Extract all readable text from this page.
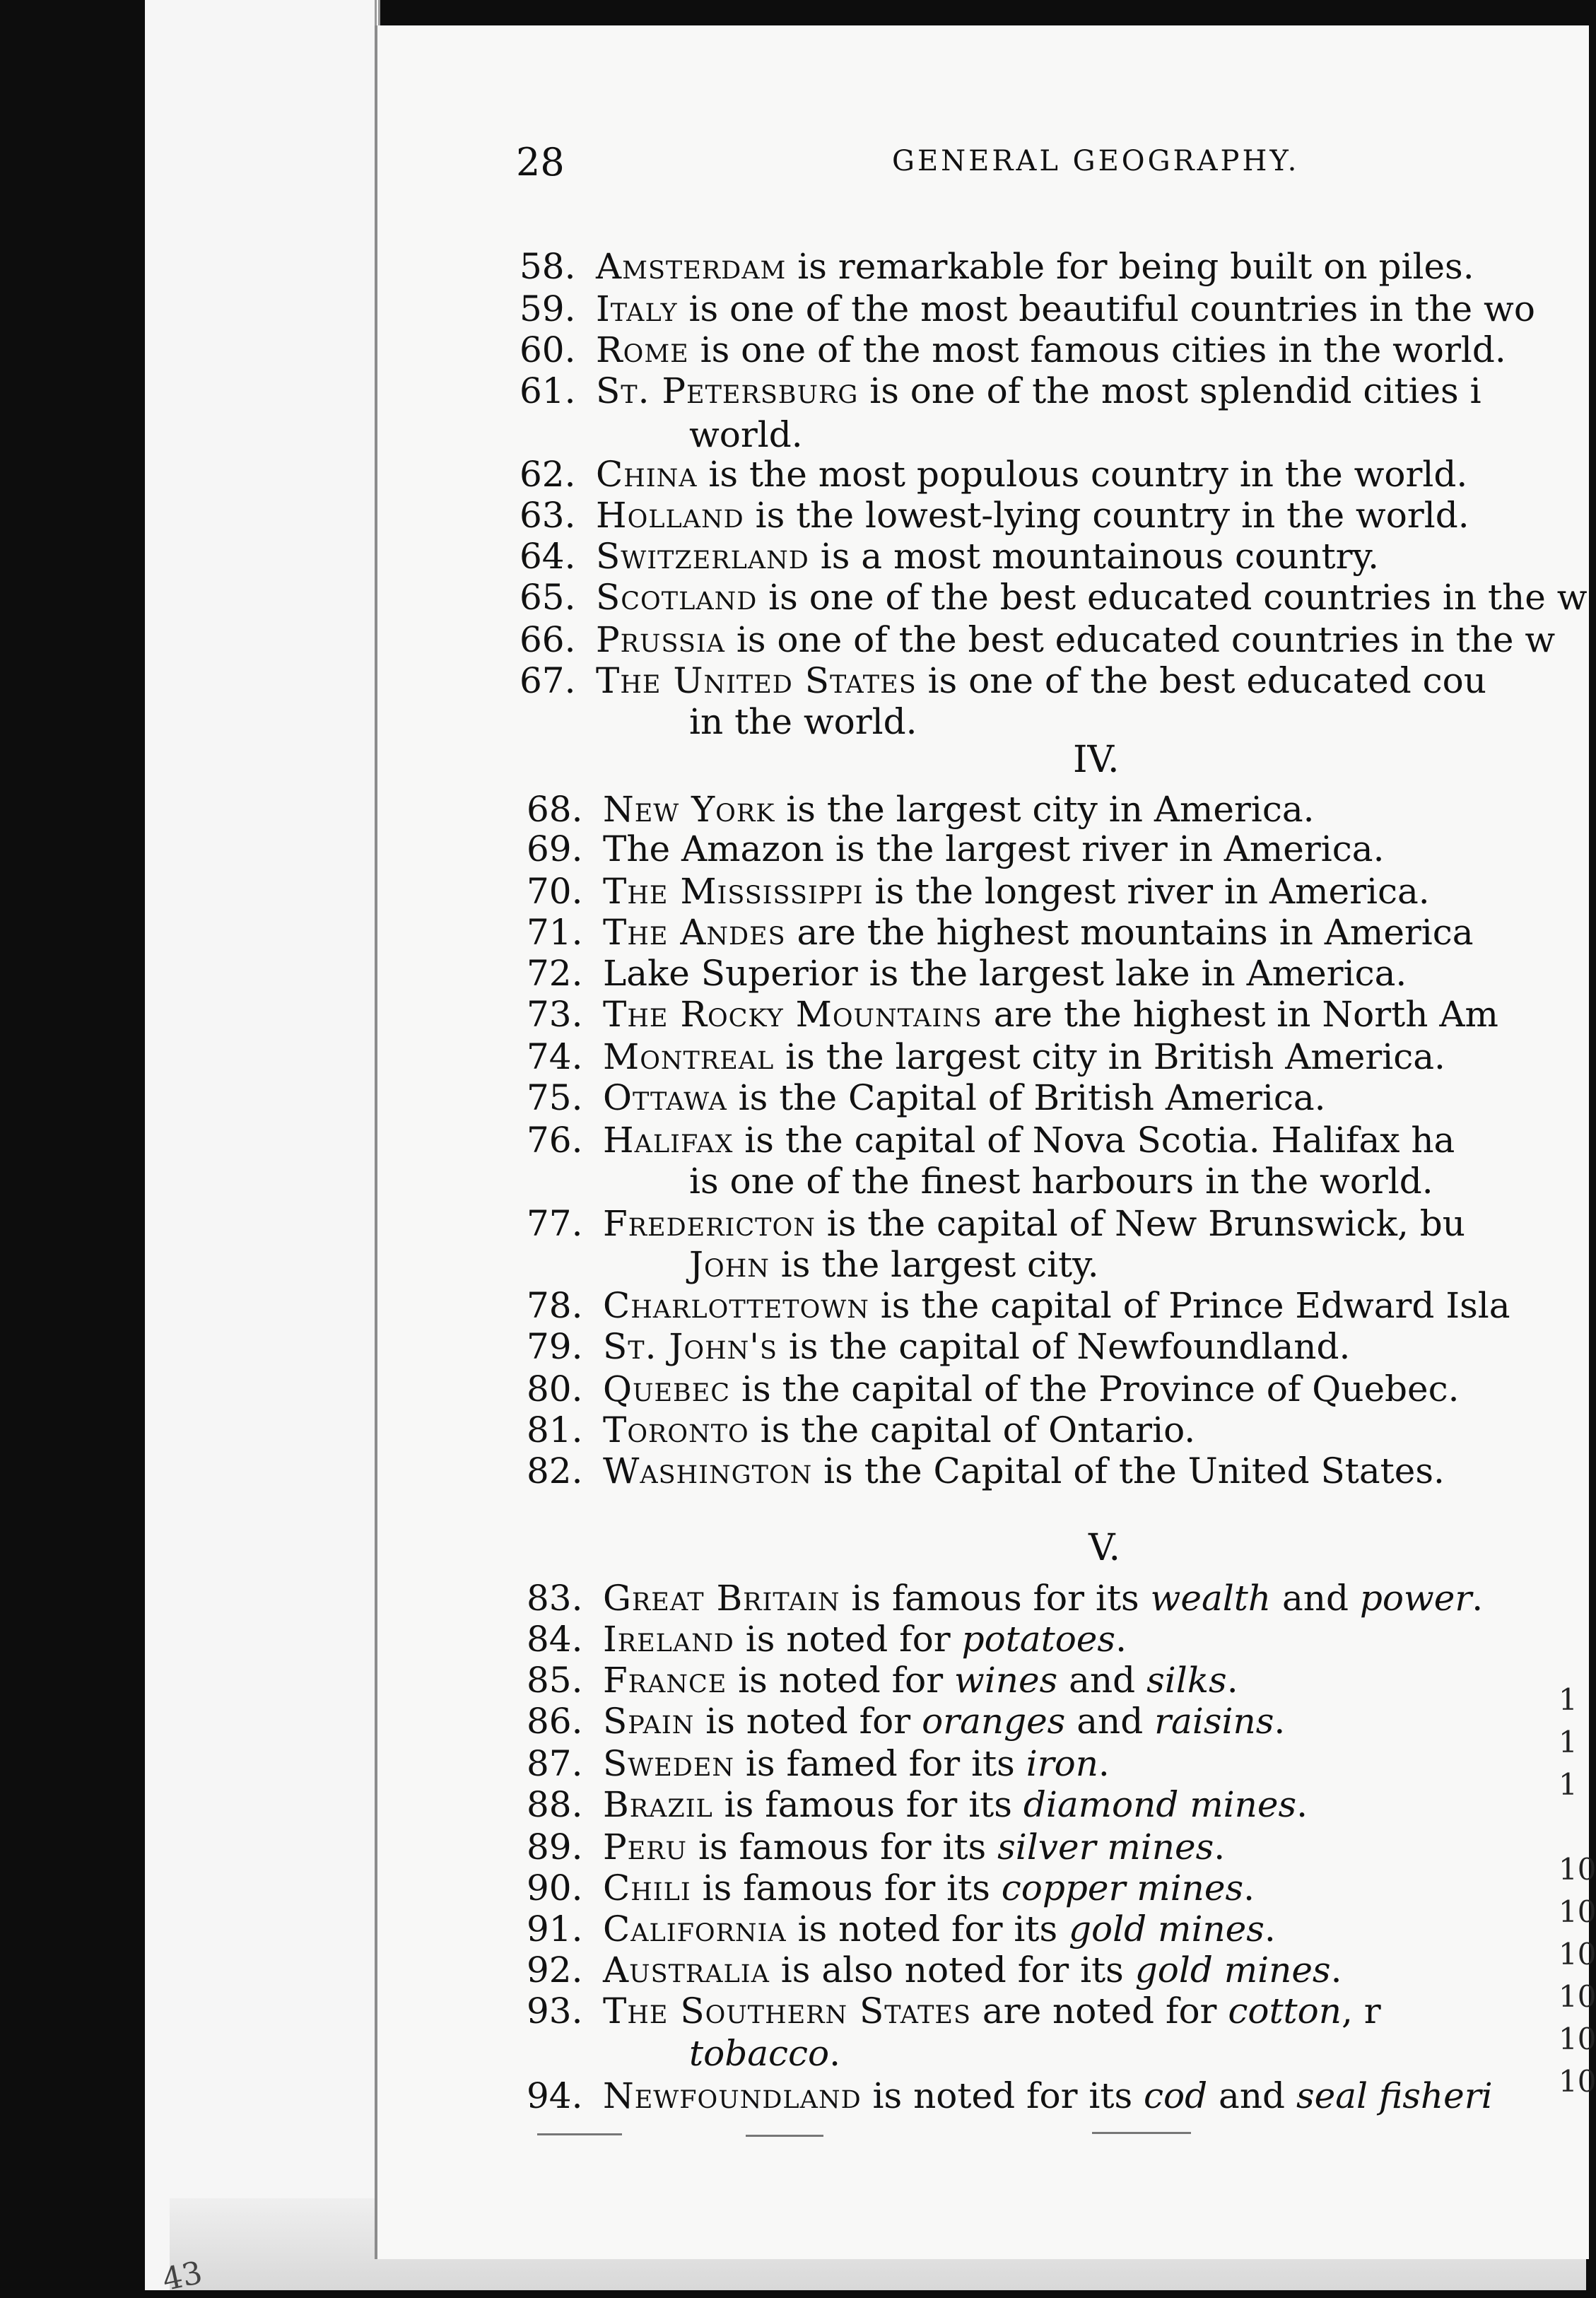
43
28	GENERAL GEOGRAPHY.
IV.
V.
58. Amsterdam is remarkable for being built on piles.
59. Italy is one of the most beautiful countries in the wo
60. Rome is one of the most famous cities in the world.
61. St. Petersburg is one of the most splendid cities i
world.
62. China is the most populous country in the world.
63. Holland is the lowest-lying country in the world.
64. Switzerland is a most mountainous country.
65. Scotland is one of the best educated countries in the w
66. Prussia is one of the best educated countries in the w
67. The United States is one of the best educated cou
in the world.
68. New York is the largest city in America.
69. The Amazon is the largest river in America.
70. The Mississippi is the longest river in America.
71. The Andes are the highest mountains in America
72. Lake Superior is the largest lake in America.
73. The Rocky Mountains are the highest in North Am
74. Montreal is the largest city in British America.
75. Ottawa is the Capital of British America.
76. Halifax is the capital of Nova Scotia. Halifax ha
is one of the finest harbours in the world.
77. Fredericton is the capital of New Brunswick, bu
John is the largest city.
78. Charlottetown is the capital of Prince Edward Isla
79. St. John's is the capital of Newfoundland.
80. Quebec is the capital of the Province of Quebec.
81. Toronto is the capital of Ontario.
82. Washington is the Capital of the United States.
83. Great Britain is famous for its wealth and power.
84. Ireland is noted for potatoes.
85. France is noted for wines and silks.
86. Spain is noted for oranges and raisins.
87. Sweden is famed for its iron.
88. Brazil is famous for its diamond mines.
89. Peru is famous for its silver mines.
90. Chili is famous for its copper mines.
91. California is noted for its gold mines.
92. Australia is also noted for its gold mines.
93. The Southern States are noted for cotton, r
tobacco.
94. Newfoundland is noted for its cod and seal fisheri
1
1
1
10
10
10
10
10
10
